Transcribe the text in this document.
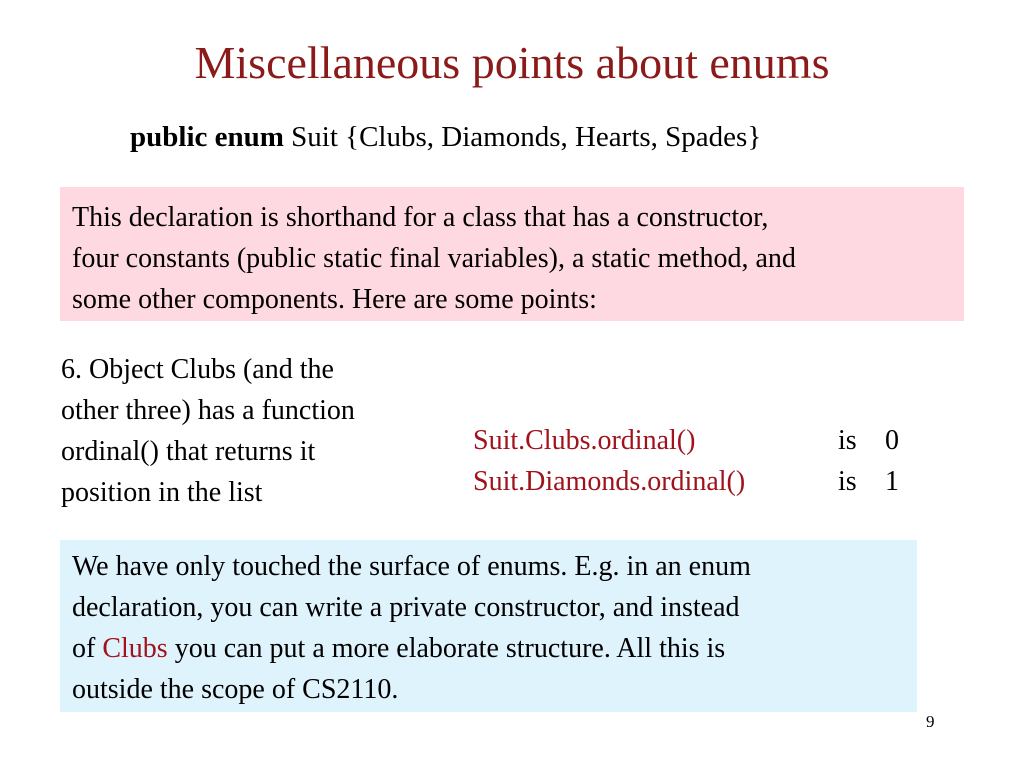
Miscellaneous points about enums
public enum Suit {Clubs, Diamonds, Hearts, Spades}
This declaration is shorthand for a class that has a constructor,
four constants (public static final variables), a static method, and
some other components. Here are some points:
6. Object Clubs (and the
other three) has a function
ordinal() that returns it
position in the list
Suit.Clubs.ordinal()	is 0
Suit.Diamonds.ordinal()	is 1
We have only touched the surface of enums. E.g. in an enum
declaration, you can write a private constructor, and instead
of Clubs you can put a more elaborate structure. All this is
outside the scope of CS2110.
9
